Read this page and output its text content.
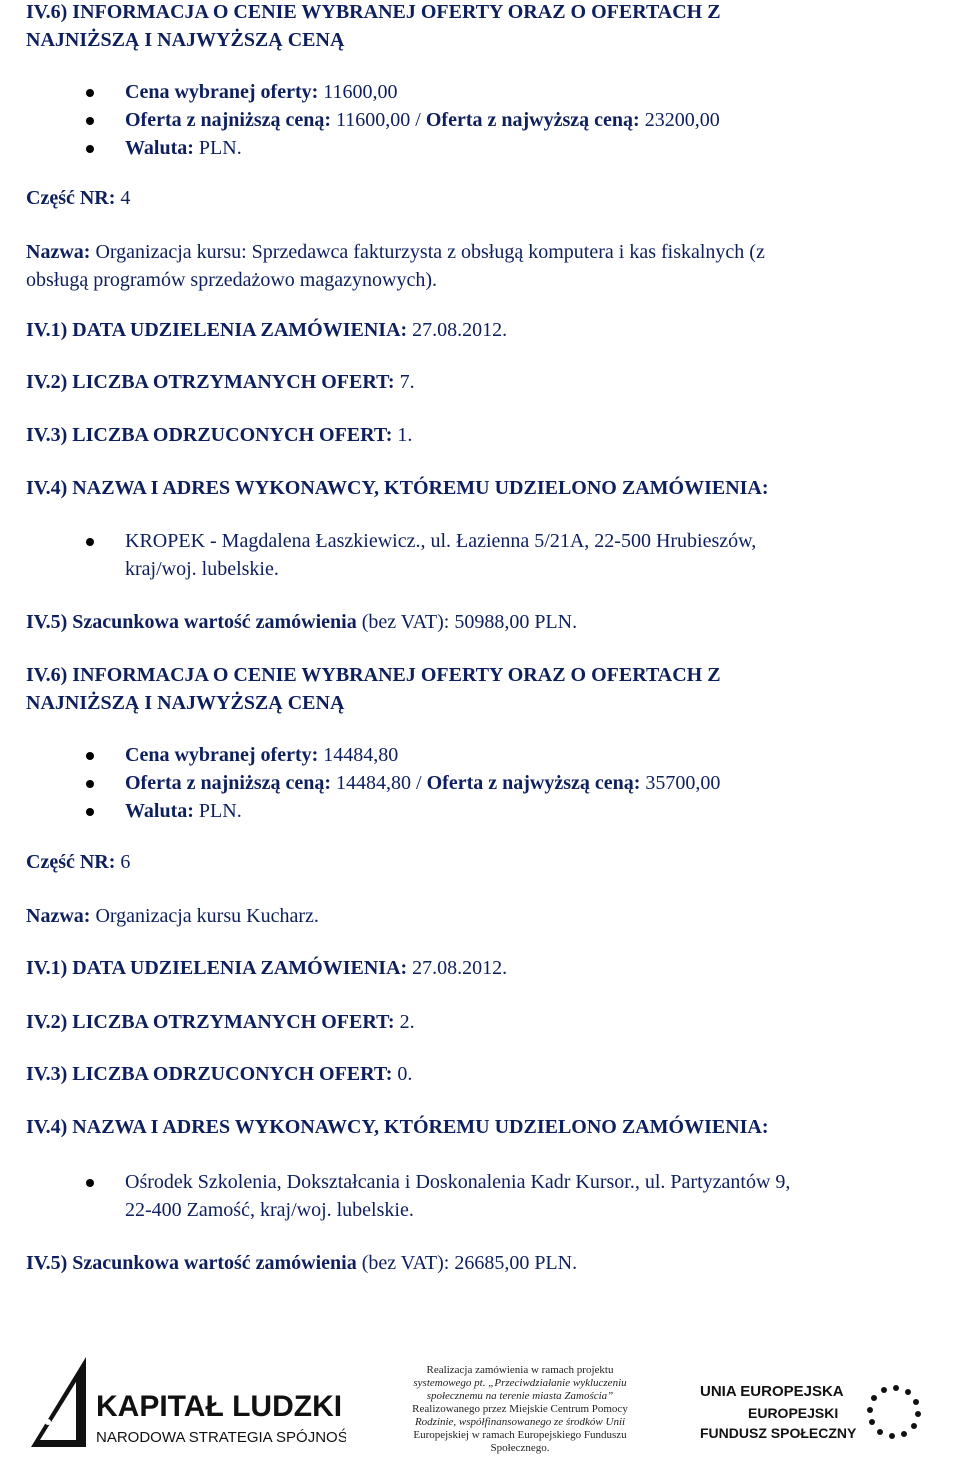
IV.6) INFORMACJA O CENIE WYBRANEJ OFERTY ORAZ O OFERTACH Z
NAJNIŻSZĄ I NAJWYŻSZĄ CENĄ
Cena wybranej oferty: 11600,00
Oferta z najniższą ceną: 11600,00 / Oferta z najwyższą ceną: 23200,00
Waluta: PLN.
Część NR: 4
Nazwa: Organizacja kursu: Sprzedawca fakturzysta z obsługą komputera i kas fiskalnych (z
obsługą programów sprzedażowo magazynowych).
IV.1) DATA UDZIELENIA ZAMÓWIENIA: 27.08.2012.
IV.2) LICZBA OTRZYMANYCH OFERT: 7.
IV.3) LICZBA ODRZUCONYCH OFERT: 1.
IV.4) NAZWA I ADRES WYKONAWCY, KTÓREMU UDZIELONO ZAMÓWIENIA:
KROPEK - Magdalena Łaszkiewicz., ul. Łazienna 5/21A, 22-500 Hrubieszów,
kraj/woj. lubelskie.
IV.5) Szacunkowa wartość zamówienia (bez VAT): 50988,00 PLN.
IV.6) INFORMACJA O CENIE WYBRANEJ OFERTY ORAZ O OFERTACH Z
NAJNIŻSZĄ I NAJWYŻSZĄ CENĄ
Cena wybranej oferty: 14484,80
Oferta z najniższą ceną: 14484,80 / Oferta z najwyższą ceną: 35700,00
Waluta: PLN.
Część NR: 6
Nazwa: Organizacja kursu Kucharz.
IV.1) DATA UDZIELENIA ZAMÓWIENIA: 27.08.2012.
IV.2) LICZBA OTRZYMANYCH OFERT: 2.
IV.3) LICZBA ODRZUCONYCH OFERT: 0.
IV.4) NAZWA I ADRES WYKONAWCY, KTÓREMU UDZIELONO ZAMÓWIENIA:
Ośrodek Szkolenia, Dokształcania i Doskonalenia Kadr Kursor., ul. Partyzantów 9,
22-400 Zamość, kraj/woj. lubelskie.
IV.5) Szacunkowa wartość zamówienia (bez VAT): 26685,00 PLN.
KAPITAŁ LUDZKI
NARODOWA STRATEGIA SPÓJNOŚCI
Realizacja zamówienia w ramach projektu
systemowego pt. „Przeciwdziałanie wykluczeniu
społecznemu na terenie miasta Zamościa”
Realizowanego przez Miejskie Centrum Pomocy
Rodzinie, współfinansowanego ze środków Unii
Europejskiej w ramach Europejskiego Funduszu
Społecznego.
UNIA EUROPEJSKA
EUROPEJSKI
FUNDUSZ SPOŁECZNY
